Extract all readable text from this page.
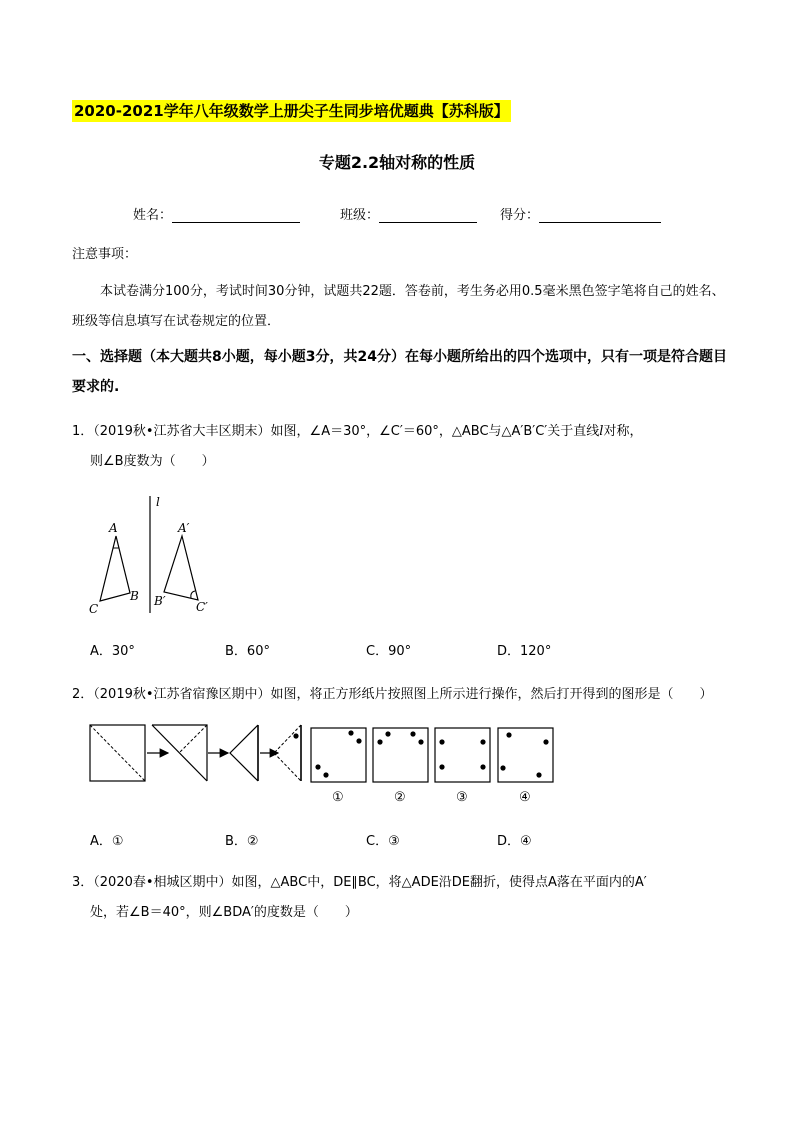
2020-2021学年八年级数学上册尖子生同步培优题典【苏科版】
专题2.2轴对称的性质
姓名：	班级：	得分：
注意事项：
本试卷满分100分，考试时间30分钟，试题共22题．答卷前，考生务必用0.5毫米黑色签字笔将自己的姓名、班级等信息填写在试卷规定的位置．
一、选择题（本大题共8小题，每小题3分，共24分）在每小题所给出的四个选项中，只有一项是符合题目要求的.
1．（2019秋•江苏省大丰区期末）如图，∠A＝30°，∠C′＝60°，△ABC与△A′B′C′关于直线l对称，
则∠B度数为（　　）
l
A
C
B
A′
B′	C′
A．30°	B．60°	C．90°	D．120°
2．（2019秋•江苏省宿豫区期中）如图，将正方形纸片按照图上所示进行操作，然后打开得到的图形是（　　）
①	②	③	④
A．①	B．②	C．③	D．④
3．（2020春•相城区期中）如图，△ABC中，DE∥BC，将△ADE沿DE翻折，使得点A落在平面内的A′
处，若∠B＝40°，则∠BDA′的度数是（　　）
